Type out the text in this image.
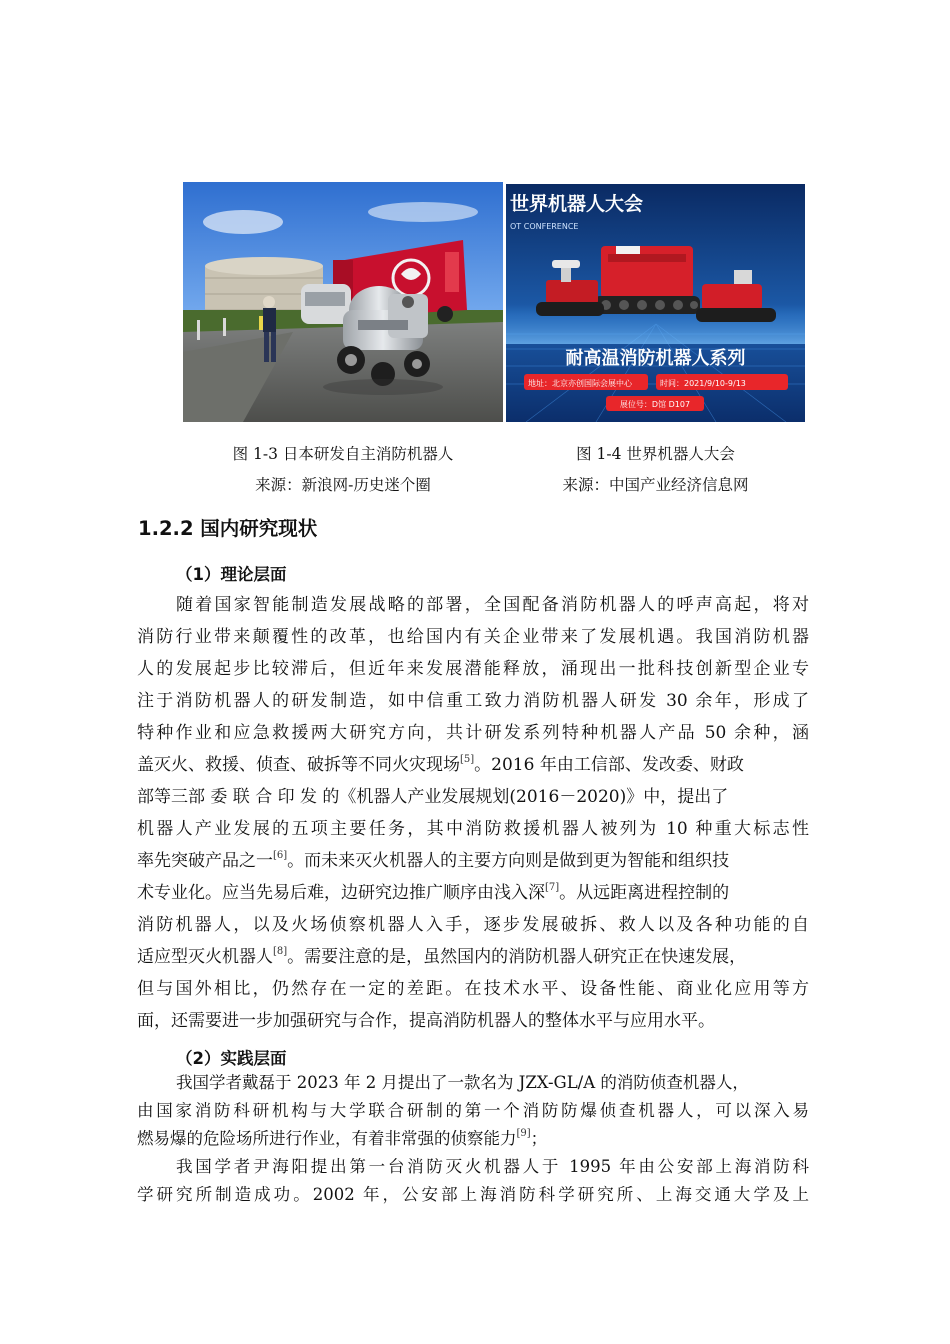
世界机器人大会
OT CONFERENCE
耐高温消防机器人系列
地址：北京亦创国际会展中心	时间：2021/9/10-9/13
展位号：D馆 D107
图 1-3 日本研发自主消防机器人
来源：新浪网-历史迷个圈
图 1-4 世界机器人大会
来源：中国产业经济信息网
1.2.2 国内研究现状
（1）理论层面
随着国家智能制造发展战略的部署，全国配备消防机器人的呼声高起，将对
消防行业带来颠覆性的改革，也给国内有关企业带来了发展机遇。我国消防机器
人的发展起步比较滞后，但近年来发展潜能释放，涌现出一批科技创新型企业专
注于消防机器人的研发制造，如中信重工致力消防机器人研发 30 余年，形成了
特种作业和应急救援两大研究方向，共计研发系列特种机器人产品 50 余种，涵
盖灭火、救援、侦查、破拆等不同火灾现场[5]。2016 年由工信部、发改委、财政
部等三部 委 联 合 印 发 的《机器人产业发展规划(2016－2020)》中，提出了
机器人产业发展的五项主要任务，其中消防救援机器人被列为 10 种重大标志性
率先突破产品之一[6]。而未来灭火机器人的主要方向则是做到更为智能和组织技
术专业化。应当先易后难，边研究边推广顺序由浅入深[7]。从远距离进程控制的
消防机器人，以及火场侦察机器人入手，逐步发展破拆、救人以及各种功能的自
适应型灭火机器人[8]。需要注意的是，虽然国内的消防机器人研究正在快速发展，
但与国外相比，仍然存在一定的差距。在技术水平、设备性能、商业化应用等方
面，还需要进一步加强研究与合作，提高消防机器人的整体水平与应用水平。
（2）实践层面
我国学者戴磊于 2023 年 2 月提出了一款名为 JZX-GL/A 的消防侦查机器人，
由国家消防科研机构与大学联合研制的第一个消防防爆侦查机器人，可以深入易
燃易爆的危险场所进行作业，有着非常强的侦察能力[9]；
我国学者尹海阳提出第一台消防灭火机器人于 1995 年由公安部上海消防科
学研究所制造成功。2002 年，公安部上海消防科学研究所、上海交通大学及上
